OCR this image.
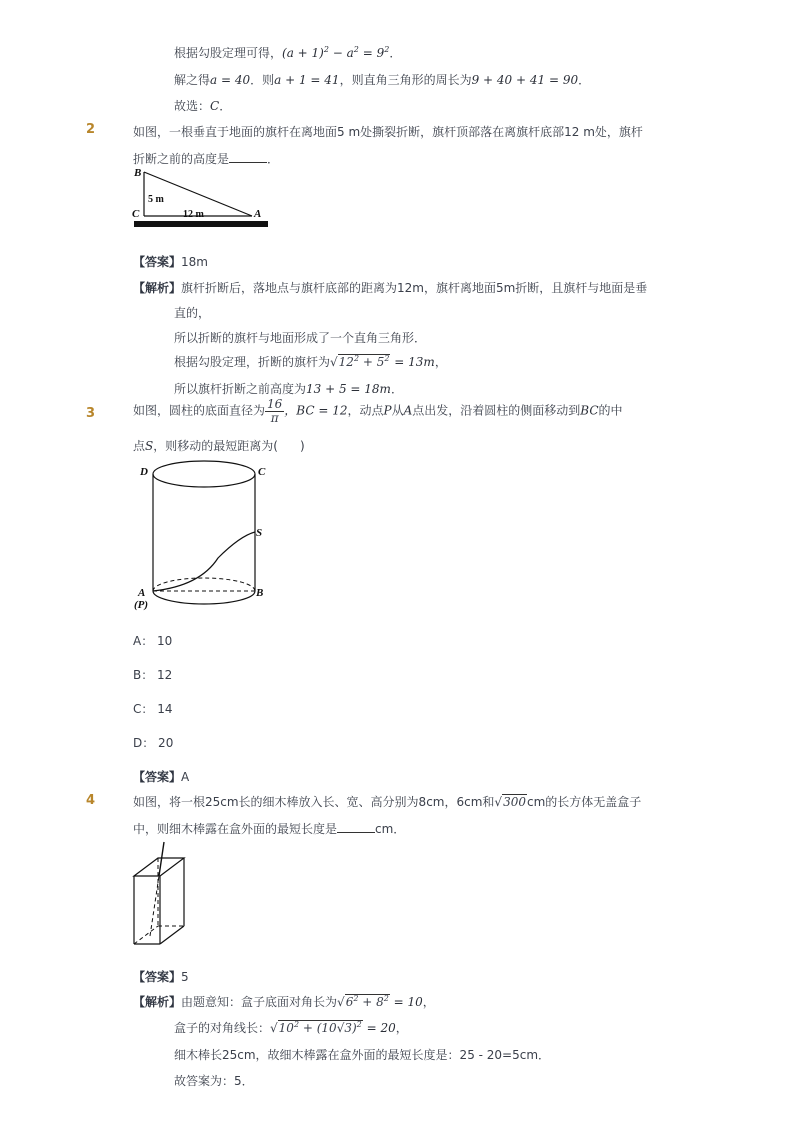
根据勾股定理可得，$(a + 1)^2 - a^2 = 9^2$．
解之得a = 40．则a + 1 = 41，则直角三角形的周长为9 + 40 + 41 = 90．
故选：C．
2	如图，一根垂直于地面的旗杆在离地面5 m处撕裂折断，旗杆顶部落在离旗杆底部12 m处，旗杆
折断之前的高度是	．
B
C	A
5 m
12 m
【答案】18m
【解析】旗杆折断后，落地点与旗杆底部的距离为12m，旗杆离地面5m折断，且旗杆与地面是垂
直的，
所以折断的旗杆与地面形成了一个直角三角形．
根据勾股定理，折断的旗杆为$√12^2 + 5^2 = 13m$，
所以旗杆折断之前高度为13 + 5 = 18m．
3	如图，圆柱的底面直径为 $\frac{16}{\pi}$ ，BC = 12，动点P从A点出发，沿着圆柱的侧面移动到BC的中
点S，则移动的最短距离为( )
D	C
S
A
(P)
B
A： 10
B： 12
C： 14
D： 20
【答案】A
4	如图，将一根25cm长的细木棒放入长、宽、高分别为8cm，6cm和√300cm的长方体无盖盒子
中，则细木棒露在盒外面的最短长度是	cm．
【答案】5
【解析】由题意知：盒子底面对角长为$√6^2 + 8^2 = 10$，
盒子的对角线长：$√10^2 + (10√3)^2 = 20$，
细木棒长25cm，故细木棒露在盒外面的最短长度是：25 - 20=5cm．
故答案为：5．
